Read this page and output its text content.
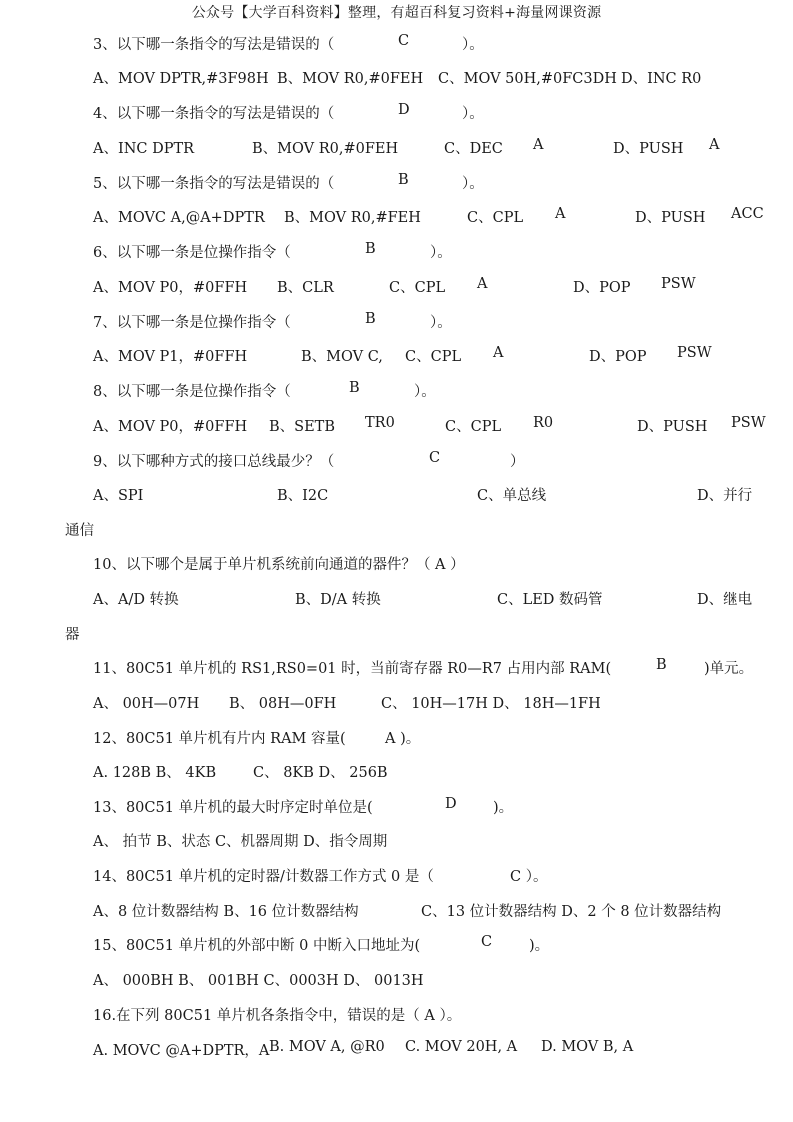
公众号【大学百科资料】整理，有超百科复习资料+海量网课资源
3、以下哪一条指令的写法是错误的（	C	）。
A、MOV DPTR,#3F98H B、MOV R0,#0FEH C、MOV 50H,#0FC3DH D、INC R0
4、以下哪一条指令的写法是错误的（	D	）。
A、INC DPTR	B、MOV R0,#0FEH	C、DEC A	D、PUSH A
5、以下哪一条指令的写法是错误的（	B	）。
A、MOVC A,@A+DPTR B、MOV R0,#FEH	C、CPL A	D、PUSH ACC
6、以下哪一条是位操作指令（	B	）。
A、MOV P0，#0FFH B、CLR	C、CPL A	D、POP PSW
7、以下哪一条是位操作指令（	B	）。
A、MOV P1，#0FFH	B、MOV C, C、CPL A	D、POP PSW
8、以下哪一条是位操作指令（	B	）。
A、MOV P0，#0FFH B、SETB TR0	C、CPL R0	D、PUSH PSW
9、以下哪种方式的接口总线最少？（	C	）
A、SPI	B、I2C	C、单总线	D、并行
通信
10、以下哪个是属于单片机系统前向通道的器件？（ A ）
A、A/D 转换	B、D/A 转换	C、LED 数码管	D、继电
器
11、80C51 单片机的 RS1,RS0=01 时，当前寄存器 R0—R7 占用内部 RAM(	B	)单元。
A、 00H—07H B、 08H—0FH	C、 10H—17H D、 18H—1FH
12、80C51 单片机有片内 RAM 容量(	A )。
A. 128B B、 4KB	C、 8KB D、 256B
13、80C51 单片机的最大时序定时单位是(	D	)。
A、 拍节 B、状态 C、机器周期 D、指令周期
14、80C51 单片机的定时器/计数器工作方式 0 是（	C ）。
A、8 位计数器结构 B、16 位计数器结构	C、13 位计数器结构 D、2 个 8 位计数器结构
15、80C51 单片机的外部中断 0 中断入口地址为(	C	)。
A、 000BH B、 001BH C、0003H D、 0013H
16.在下列 80C51 单片机各条指令中，错误的是（ A ）。
A. MOVC @A+DPTR，A B. MOV A, @R0 C. MOV 20H, A D. MOV B, A
